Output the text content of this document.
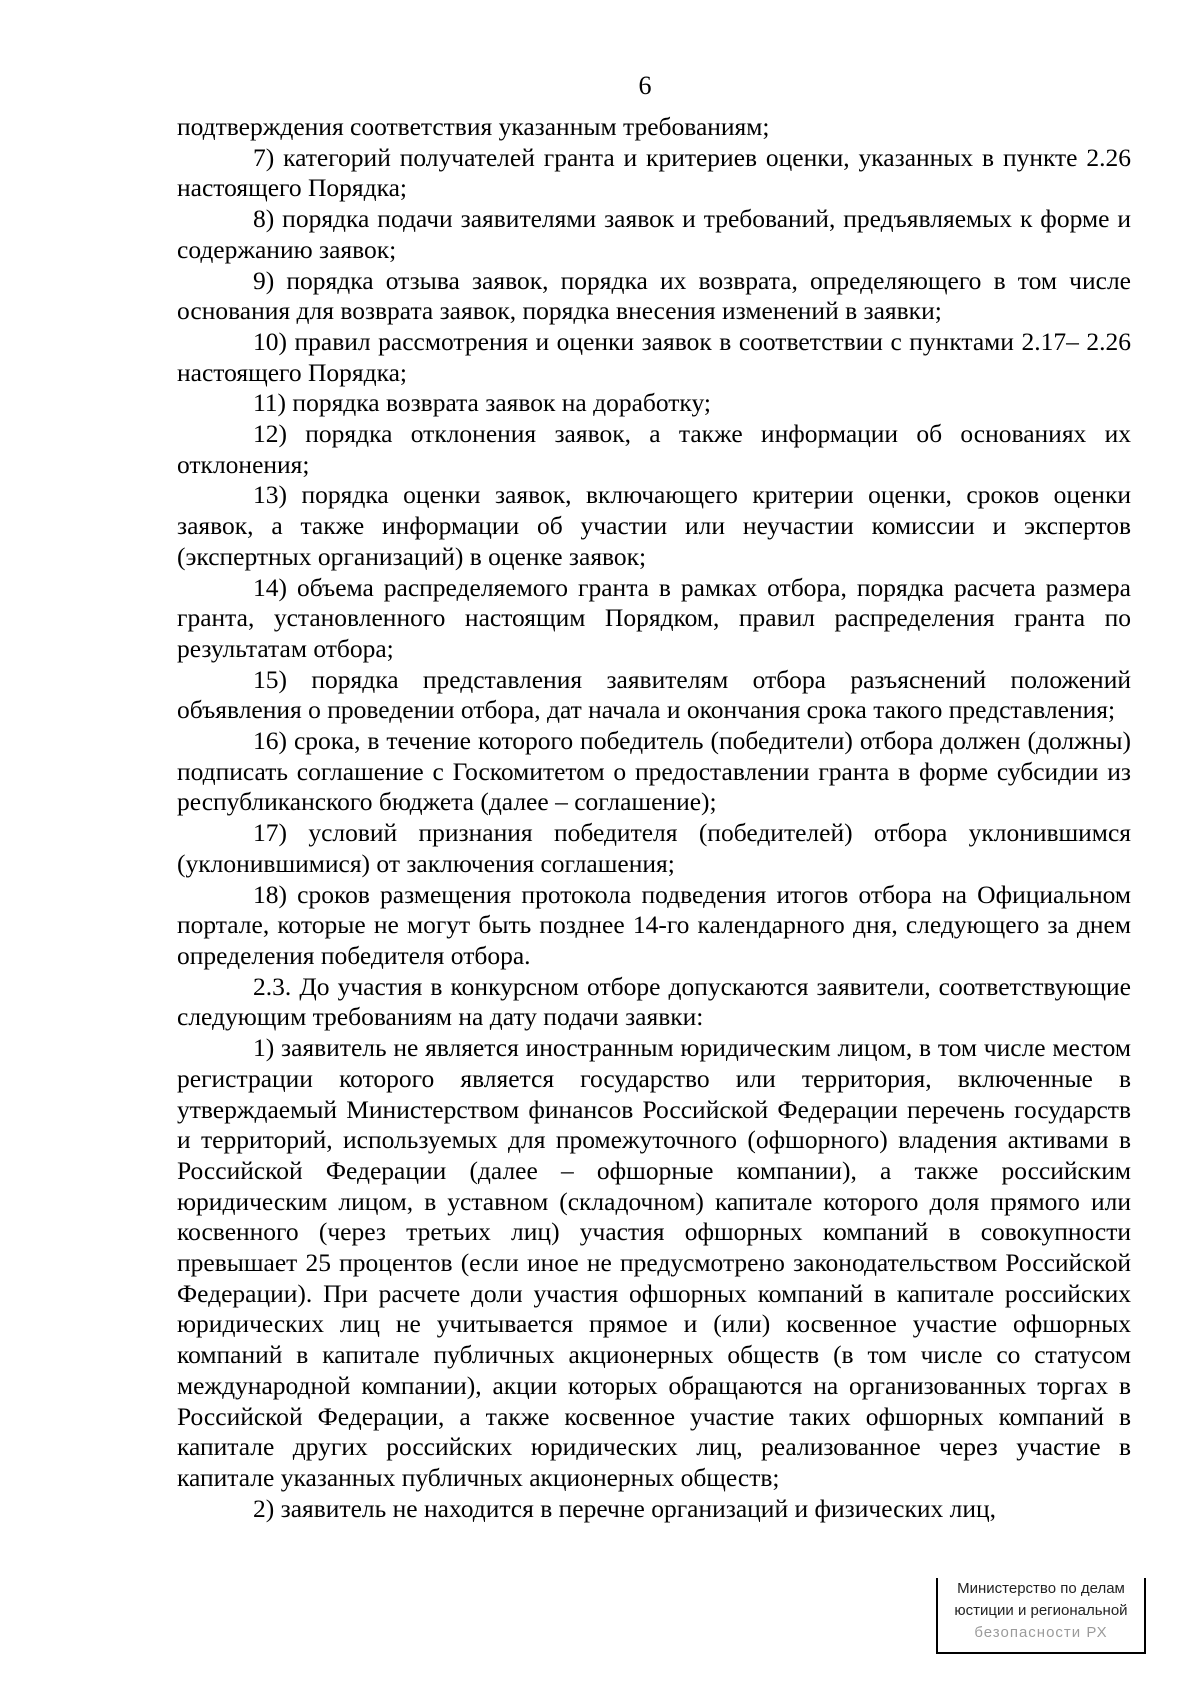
6

подтверждения соответствия указанным требованиям;

7) категорий получателей гранта и критериев оценки, указанных в пункте 2.26 настоящего Порядка;

8) порядка подачи заявителями заявок и требований, предъявляемых к форме и содержанию заявок;

9) порядка отзыва заявок, порядка их возврата, определяющего в том числе основания для возврата заявок, порядка внесения изменений в заявки;

10) правил рассмотрения и оценки заявок в соответствии с пунктами 2.17– 2.26 настоящего Порядка;

11) порядка возврата заявок на доработку;

12) порядка отклонения заявок, а также информации об основаниях их отклонения;

13) порядка оценки заявок, включающего критерии оценки, сроков оценки заявок, а также информации об участии или неучастии комиссии и экспертов (экспертных организаций) в оценке заявок;

14) объема распределяемого гранта в рамках отбора, порядка расчета размера гранта, установленного настоящим Порядком, правил распределения гранта по результатам отбора;

15) порядка представления заявителям отбора разъяснений положений объявления о проведении отбора, дат начала и окончания срока такого представления;

16) срока, в течение которого победитель (победители) отбора должен (должны) подписать соглашение с Госкомитетом о предоставлении гранта в форме субсидии из республиканского бюджета (далее – соглашение);

17) условий признания победителя (победителей) отбора уклонившимся (уклонившимися) от заключения соглашения;

18) сроков размещения протокола подведения итогов отбора на Официальном портале, которые не могут быть позднее 14-го календарного дня, следующего за днем определения победителя отбора.

2.3. До участия в конкурсном отборе допускаются заявители, соответствующие следующим требованиям на дату подачи заявки:

1) заявитель не является иностранным юридическим лицом, в том числе местом регистрации которого является государство или территория, включенные в утверждаемый Министерством финансов Российской Федерации перечень государств и территорий, используемых для промежуточного (офшорного) владения активами в Российской Федерации (далее – офшорные компании), а также российским юридическим лицом, в уставном (складочном) капитале которого доля прямого или косвенного (через третьих лиц) участия офшорных компаний в совокупности превышает 25 процентов (если иное не предусмотрено законодательством Российской Федерации). При расчете доли участия офшорных компаний в капитале российских юридических лиц не учитывается прямое и (или) косвенное участие офшорных компаний в капитале публичных акционерных обществ (в том числе со статусом международной компании), акции которых обращаются на организованных торгах в Российской Федерации, а также косвенное участие таких офшорных компаний в капитале других российских юридических лиц, реализованное через участие в капитале указанных публичных акционерных обществ;

2) заявитель не находится в перечне организаций и физических лиц,

Министерство по делам
юстиции и региональной
безопасности РХ
